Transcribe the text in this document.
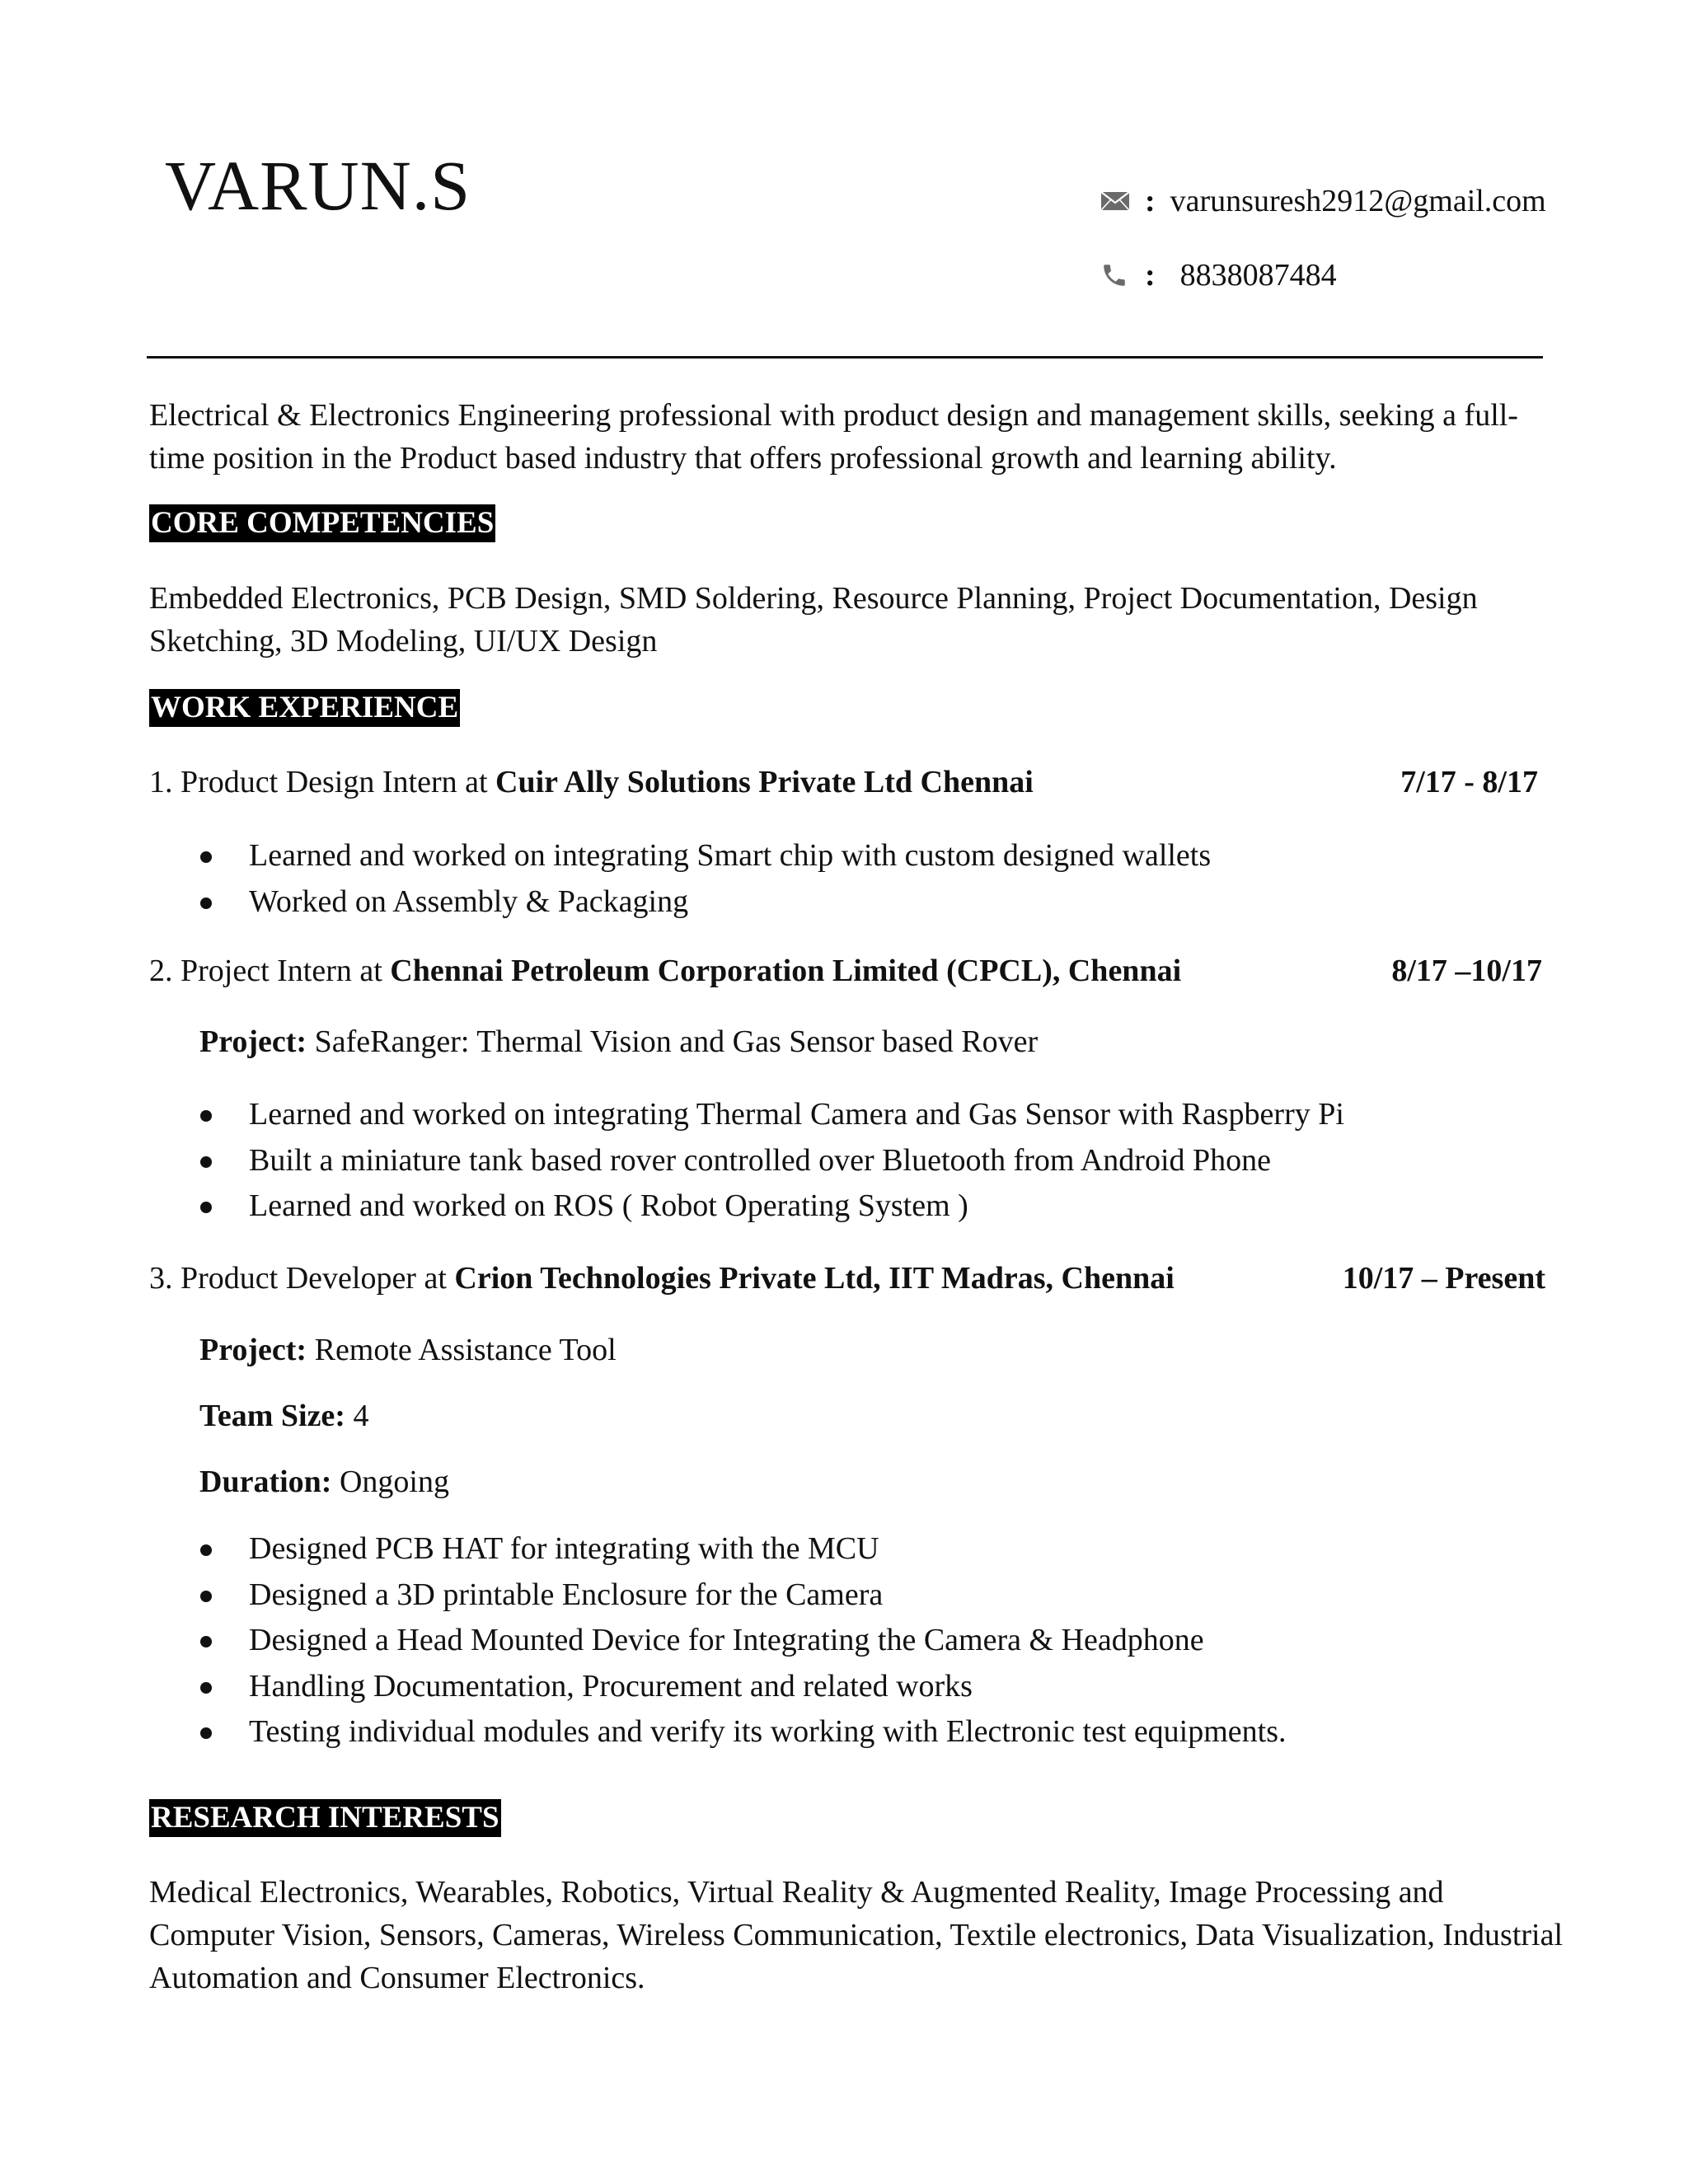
VARUN.S	: varunsuresh2912@gmail.com
: 8838087484
Electrical & Electronics Engineering professional with product design and management skills, seeking a full-time position in the Product based industry that offers professional growth and learning ability.
CORE COMPETENCIES
Embedded Electronics, PCB Design, SMD Soldering, Resource Planning, Project Documentation, Design Sketching, 3D Modeling, UI/UX Design
WORK EXPERIENCE
1. Product Design Intern at Cuir Ally Solutions Private Ltd Chennai	7/17 - 8/17
Learned and worked on integrating Smart chip with custom designed wallets
Worked on Assembly & Packaging
2. Project Intern at Chennai Petroleum Corporation Limited (CPCL), Chennai	8/17 –10/17
Project: SafeRanger: Thermal Vision and Gas Sensor based Rover
Learned and worked on integrating Thermal Camera and Gas Sensor with Raspberry Pi
Built a miniature tank based rover controlled over Bluetooth from Android Phone
Learned and worked on ROS ( Robot Operating System )
3. Product Developer at Crion Technologies Private Ltd, IIT Madras, Chennai	10/17 – Present
Project: Remote Assistance Tool
Team Size: 4
Duration: Ongoing
Designed PCB HAT for integrating with the MCU
Designed a 3D printable Enclosure for the Camera
Designed a Head Mounted Device for Integrating the Camera & Headphone
Handling Documentation, Procurement and related works
Testing individual modules and verify its working with Electronic test equipments.
RESEARCH INTERESTS
Medical Electronics, Wearables, Robotics, Virtual Reality & Augmented Reality, Image Processing and Computer Vision, Sensors, Cameras, Wireless Communication, Textile electronics, Data Visualization, Industrial Automation and Consumer Electronics.
